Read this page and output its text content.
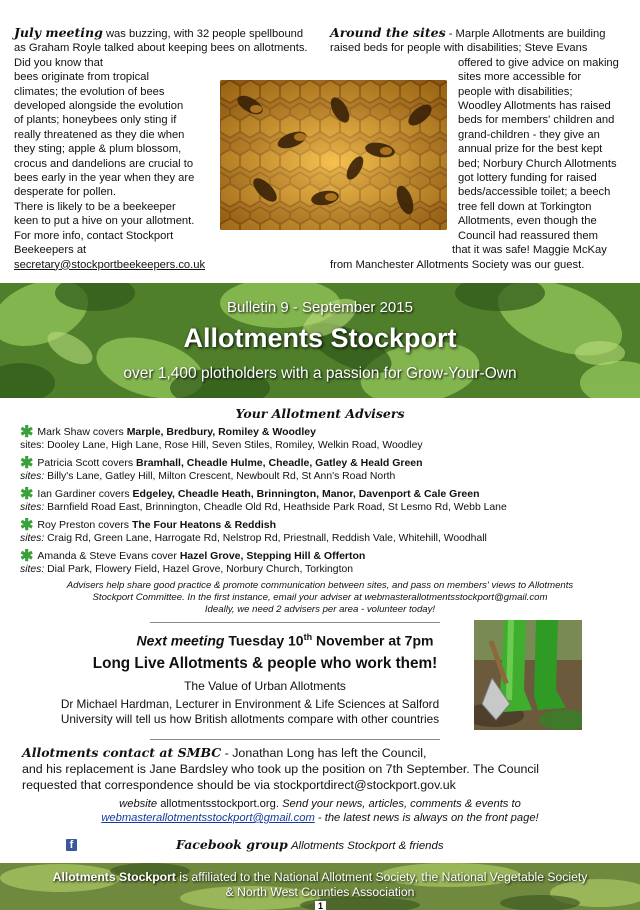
July meeting was buzzing, with 32 people spellbound as Graham Royle talked about keeping bees on allotments. Did you know that
bees originate from tropical
climates; the evolution of bees
developed alongside the evolution
of plants; honeybees only sting if
really threatened as they die when
they sting; apple & plum blossom,
crocus and dandelions are crucial to
bees early in the year when they are
desperate for pollen.
There is likely to be a beekeeper
keen to put a hive on your allotment.
For more info, contact Stockport
Beekeepers at
secretary@stockportbeekeepers.co.uk
Around the sites - Marple Allotments are building
raised beds for people with disabilities; Steve Evans
offered to give advice on making
sites more accessible for
people with disabilities;
Woodley Allotments has raised
beds for members' children and
grand-children - they give an
annual prize for the best kept
bed; Norbury Church Allotments
got lottery funding for raised
beds/accessible toilet; a beech
tree fell down at Torkington
Allotments, even though the
Council had reassured them
that it was safe! Maggie McKay
from Manchester Allotments Society was our guest.
Bulletin 9 - September 2015
Allotments Stockport
over 1,400 plotholders with a passion for Grow-Your-Own
Your Allotment Advisers
✱ Mark Shaw covers Marple, Bredbury, Romiley & Woodley
sites: Dooley Lane, High Lane, Rose Hill, Seven Stiles, Romiley, Welkin Road, Woodley
✱ Patricia Scott covers Bramhall, Cheadle Hulme, Cheadle, Gatley & Heald Green
sites: Billy's Lane, Gatley Hill, Milton Crescent, Newboult Rd, St Ann's Road North
✱ Ian Gardiner covers Edgeley, Cheadle Heath, Brinnington, Manor, Davenport & Cale Green
sites: Barnfield Road East, Brinnington, Cheadle Old Rd, Heathside Park Road, St Lesmo Rd, Webb Lane
✱ Roy Preston covers The Four Heatons & Reddish
sites: Craig Rd, Green Lane, Harrogate Rd, Nelstrop Rd, Priestnall, Reddish Vale, Whitehill, Woodhall
✱ Amanda & Steve Evans cover Hazel Grove, Stepping Hill & Offerton
sites: Dial Park, Flowery Field, Hazel Grove, Norbury Church, Torkington
Advisers help share good practice & promote communication between sites, and pass on members' views to Allotments
Stockport Committee. In the first instance, email your adviser at webmasterallotmentsstockport@gmail.com
Ideally, we need 2 advisers per area - volunteer today!
Next meeting Tuesday 10th November at 7pm
Long Live Allotments & people who work them!
The Value of Urban Allotments
Dr Michael Hardman, Lecturer in Environment & Life Sciences at Salford
University will tell us how British allotments compare with other countries
Allotments contact at SMBC - Jonathan Long has left the Council,
and his replacement is Jane Bardsley who took up the position on 7th September. The Council
requested that correspondence should be via stockportdirect@stockport.gov.uk
website allotmentsstockport.org. Send your news, articles, comments & events to
webmasterallotmentsstockport@gmail.com - the latest news is always on the front page!
f	Facebook group Allotments Stockport & friends
Allotments Stockport is affiliated to the National Allotment Society, the National Vegetable Society
& North West Counties Association
1
